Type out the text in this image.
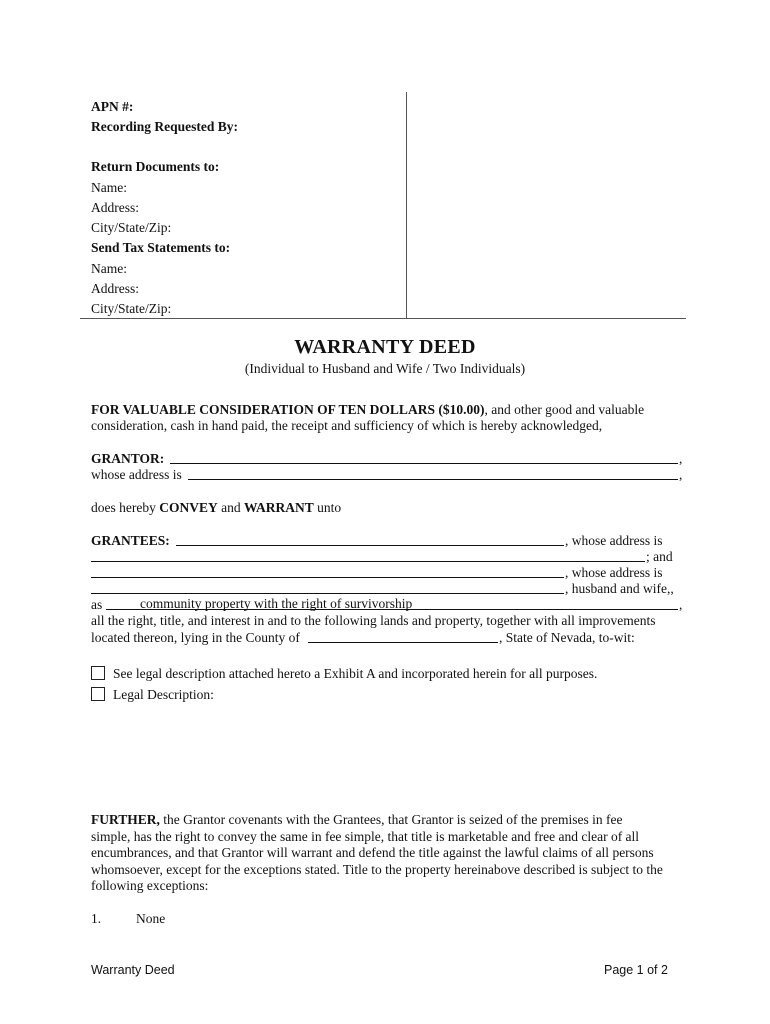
APN #:
Recording Requested By:
Return Documents to:
Name:
Address:
City/State/Zip:
Send Tax Statements to:
Name:
Address:
City/State/Zip:
WARRANTY DEED
(Individual to Husband and Wife / Two Individuals)
FOR VALUABLE CONSIDERATION OF TEN DOLLARS ($10.00), and other good and valuable
consideration, cash in hand paid, the receipt and sufficiency of which is hereby acknowledged,
GRANTOR:	,
whose address is	,
does hereby CONVEY and WARRANT unto
GRANTEES:	, whose address is
; and
, whose address is
, husband and wife,,
as	community property with the right of survivorship	,
all the right, title, and interest in and to the following lands and property, together with all improvements
located thereon, lying in the County of	, State of Nevada, to-wit:
See legal description attached hereto a Exhibit A and incorporated herein for all purposes.
Legal Description:
FURTHER, the Grantor covenants with the Grantees, that Grantor is seized of the premises in fee
simple, has the right to convey the same in fee simple, that title is marketable and free and clear of all
encumbrances, and that Grantor will warrant and defend the title against the lawful claims of all persons
whomsoever, except for the exceptions stated. Title to the property hereinabove described is subject to the
following exceptions:
1.	None
Warranty Deed	Page 1 of 2
